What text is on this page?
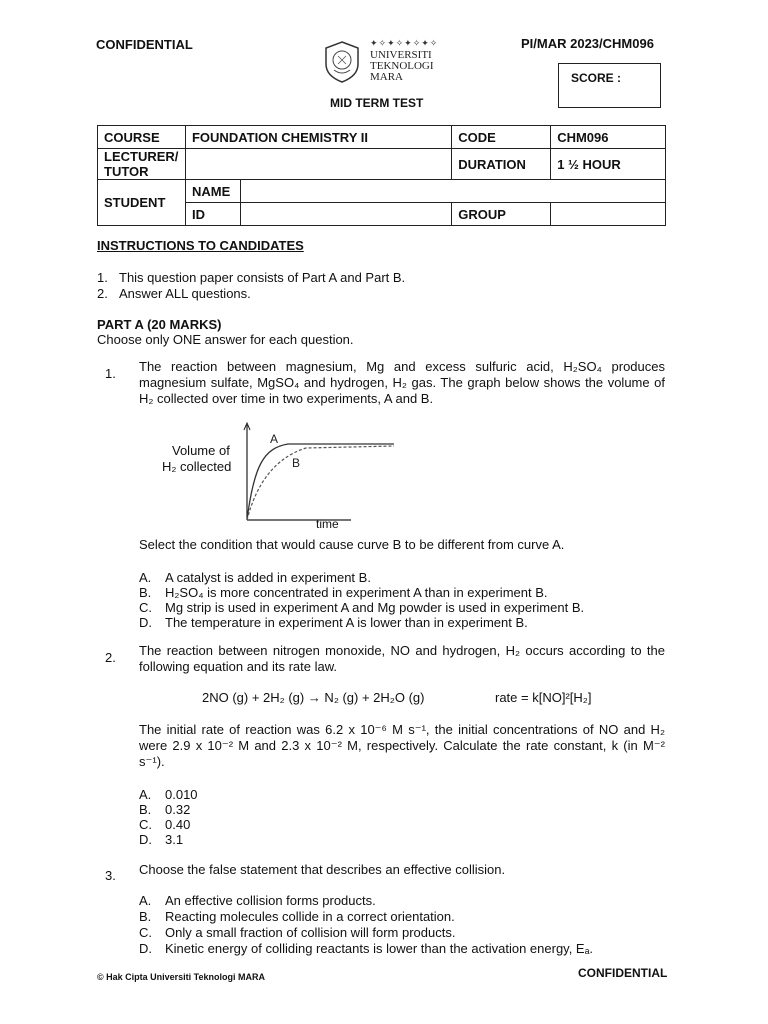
CONFIDENTIAL	PI/MAR 2023/CHM096
✦✧✦✧✦✧✦✧
UNIVERSITI
TEKNOLOGI
MARA	SCORE :
MID TERM TEST
COURSE	FOUNDATION CHEMISTRY II		CODE	CHM096
LECTURER/ TUTOR			DURATION	1 ½ HOUR
STUDENT	NAME			
	ID		GROUP	
INSTRUCTIONS TO CANDIDATES
1. This question paper consists of Part A and Part B.
2. Answer ALL questions.
PART A (20 MARKS)
Choose only ONE answer for each question.
1. The reaction between magnesium, Mg and excess sulfuric acid, H₂SO₄ produces magnesium sulfate, MgSO₄ and hydrogen, H₂ gas. The graph below shows the volume of H₂ collected over time in two experiments, A and B.
Volume of
H₂ collected
A
B
time
Select the condition that would cause curve B to be different from curve A.
A. A catalyst is added in experiment B.
B. H₂SO₄ is more concentrated in experiment A than in experiment B.
C. Mg strip is used in experiment A and Mg powder is used in experiment B.
D. The temperature in experiment A is lower than in experiment B.
2. The reaction between nitrogen monoxide, NO and hydrogen, H₂ occurs according to the following equation and its rate law.
2NO (g) + 2H₂ (g) → N₂ (g) + 2H₂O (g)	rate = k[NO]²[H₂]
The initial rate of reaction was 6.2 x 10⁻⁶ M s⁻¹, the initial concentrations of NO and H₂ were 2.9 x 10⁻² M and 2.3 x 10⁻² M, respectively. Calculate the rate constant, k (in M⁻² s⁻¹).
A. 0.010
B. 0.32
C. 0.40
D. 3.1
3. Choose the false statement that describes an effective collision.
A. An effective collision forms products.
B. Reacting molecules collide in a correct orientation.
C. Only a small fraction of collision will form products.
D. Kinetic energy of colliding reactants is lower than the activation energy, Eₐ.
© Hak Cipta Universiti Teknologi MARA	CONFIDENTIAL
